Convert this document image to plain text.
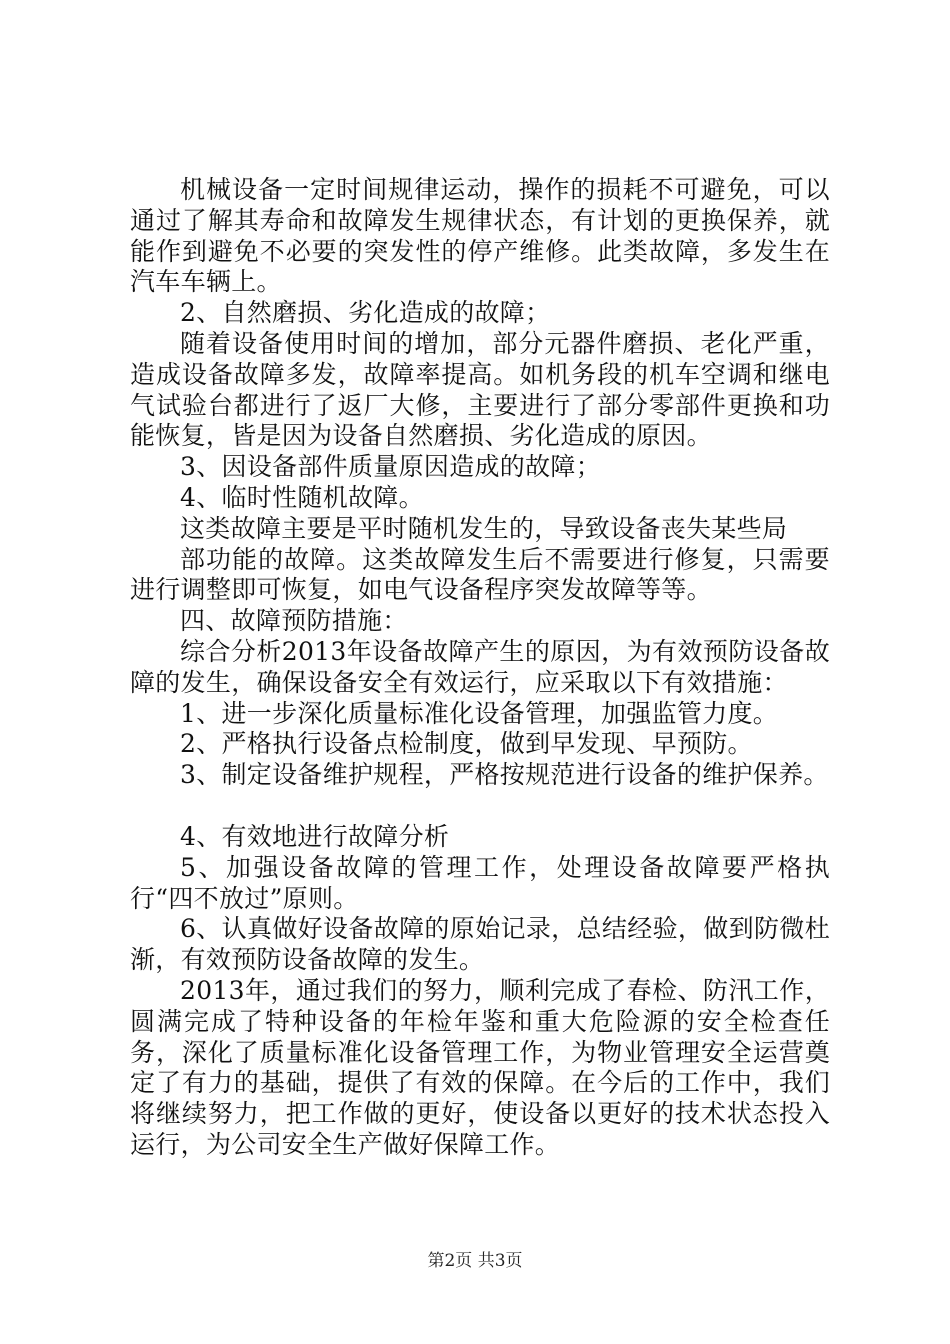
机械设备一定时间规律运动，操作的损耗不可避免，可以通过了解其寿命和故障发生规律状态，有计划的更换保养，就能作到避免不必要的突发性的停产维修。此类故障，多发生在汽车车辆上。

2、自然磨损、劣化造成的故障；

随着设备使用时间的增加，部分元器件磨损、老化严重，造成设备故障多发，故障率提高。如机务段的机车空调和继电气试验台都进行了返厂大修，主要进行了部分零部件更换和功能恢复，皆是因为设备自然磨损、劣化造成的原因。

3、因设备部件质量原因造成的故障；

4、临时性随机故障。

这类故障主要是平时随机发生的，导致设备丧失某些局

部功能的故障。这类故障发生后不需要进行修复，只需要进行调整即可恢复，如电气设备程序突发故障等等。

四、故障预防措施：

综合分析2013年设备故障产生的原因，为有效预防设备故障的发生，确保设备安全有效运行，应采取以下有效措施：

1、进一步深化质量标准化设备管理，加强监管力度。

2、严格执行设备点检制度，做到早发现、早预防。

3、制定设备维护规程，严格按规范进行设备的维护保养。

4、有效地进行故障分析

5、加强设备故障的管理工作，处理设备故障要严格执行“四不放过”原则。

6、认真做好设备故障的原始记录，总结经验，做到防微杜渐，有效预防设备故障的发生。

2013年，通过我们的努力，顺利完成了春检、防汛工作，圆满完成了特种设备的年检年鉴和重大危险源的安全检查任务，深化了质量标准化设备管理工作，为物业管理安全运营奠定了有力的基础，提供了有效的保障。在今后的工作中，我们将继续努力，把工作做的更好，使设备以更好的技术状态投入运行，为公司安全生产做好保障工作。

第2页 共3页
